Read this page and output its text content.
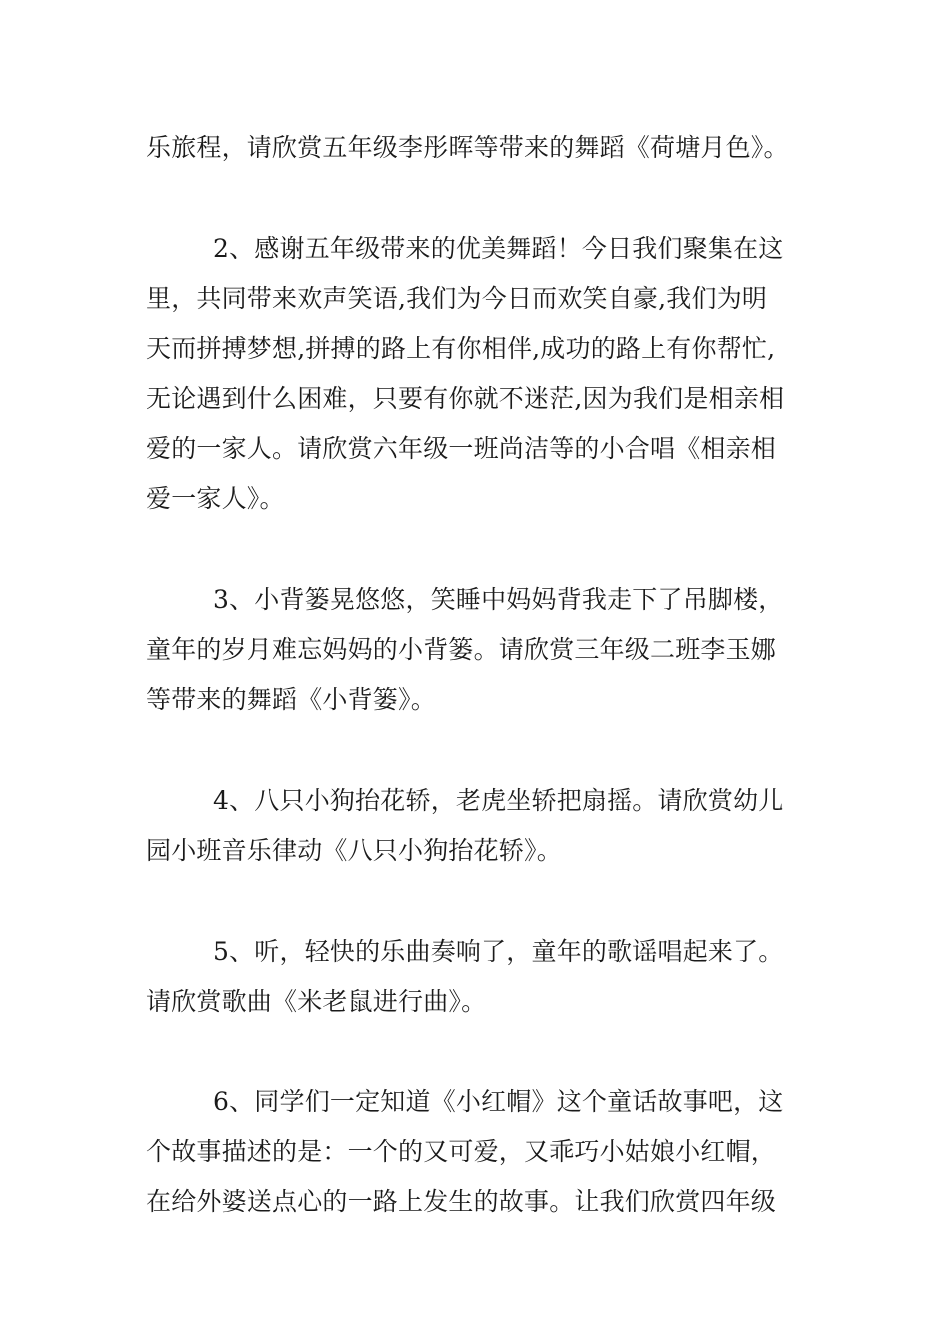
乐旅程，请欣赏五年级李彤晖等带来的舞蹈《荷塘月色》。
2、感谢五年级带来的优美舞蹈！今日我们聚集在这
里，共同带来欢声笑语,我们为今日而欢笑自豪,我们为明
天而拼搏梦想,拼搏的路上有你相伴,成功的路上有你帮忙,
无论遇到什么困难，只要有你就不迷茫,因为我们是相亲相
爱的一家人。请欣赏六年级一班尚洁等的小合唱《相亲相
爱一家人》。
3、小背篓晃悠悠，笑睡中妈妈背我走下了吊脚楼，
童年的岁月难忘妈妈的小背篓。请欣赏三年级二班李玉娜
等带来的舞蹈《小背篓》。
4、八只小狗抬花轿，老虎坐轿把扇摇。请欣赏幼儿
园小班音乐律动《八只小狗抬花轿》。
5、听，轻快的乐曲奏响了，童年的歌谣唱起来了。
请欣赏歌曲《米老鼠进行曲》。
6、同学们一定知道《小红帽》这个童话故事吧，这
个故事描述的是：一个的又可爱，又乖巧小姑娘小红帽，
在给外婆送点心的一路上发生的故事。让我们欣赏四年级
